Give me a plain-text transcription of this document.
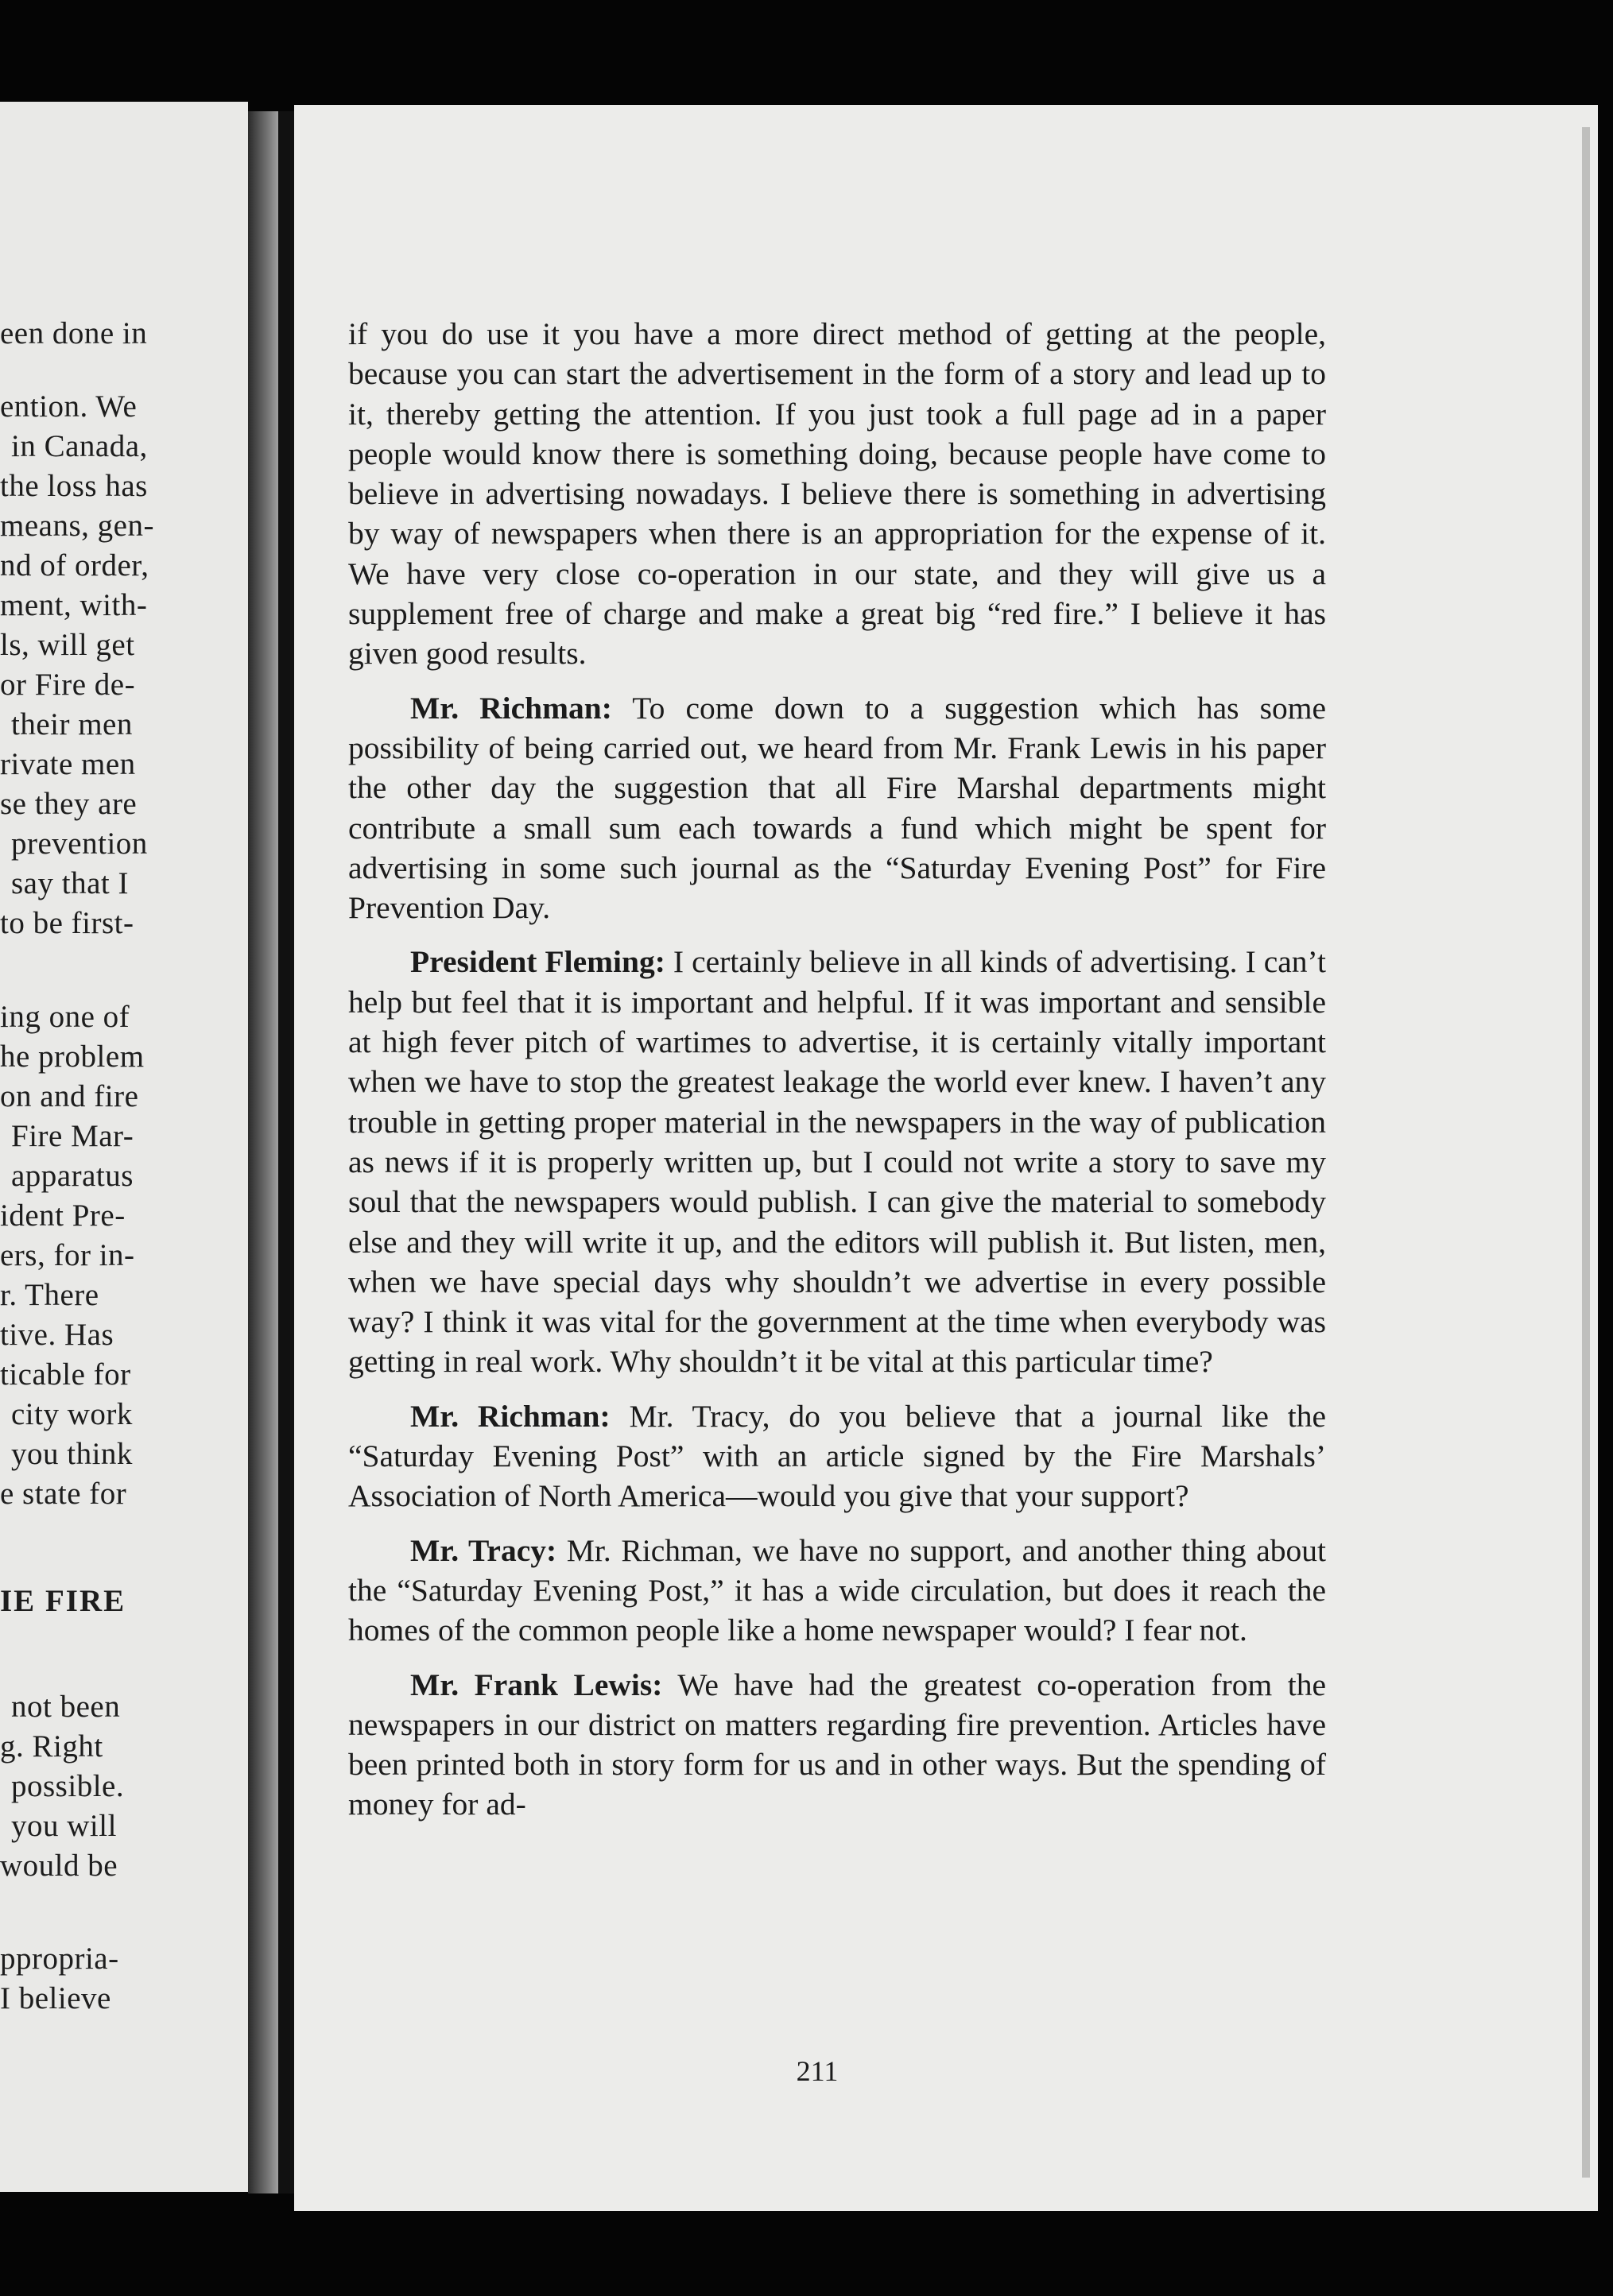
een done in
ention. We
in Canada,
the loss has
means, gen-
nd of order,
ment, with-
ls, will get
or Fire de-
their men
rivate men
se they are
prevention
say that I
to be first-
ing one of
he problem
on and fire
Fire Mar-
apparatus
ident Pre-
ers, for in-
r. There
tive. Has
ticable for
city work
you think
e state for
IE FIRE
not been
g. Right
possible.
you will
would be
ppropria-
I believe

if you do use it you have a more direct method of getting at the people, because you can start the advertisement in the form of a story and lead up to it, thereby getting the attention. If you just took a full page ad in a paper people would know there is something doing, because people have come to believe in advertising nowadays. I believe there is something in advertising by way of newspapers when there is an appropriation for the expense of it. We have very close co-operation in our state, and they will give us a supplement free of charge and make a great big “red fire.” I believe it has given good results.

Mr. Richman: To come down to a suggestion which has some possibility of being carried out, we heard from Mr. Frank Lewis in his paper the other day the suggestion that all Fire Marshal departments might contribute a small sum each towards a fund which might be spent for advertising in some such journal as the “Saturday Evening Post” for Fire Prevention Day.

President Fleming: I certainly believe in all kinds of advertising. I can’t help but feel that it is important and helpful. If it was important and sensible at high fever pitch of wartimes to advertise, it is certainly vitally important when we have to stop the greatest leakage the world ever knew. I haven’t any trouble in getting proper material in the newspapers in the way of publication as news if it is properly written up, but I could not write a story to save my soul that the newspapers would publish. I can give the material to somebody else and they will write it up, and the editors will publish it. But listen, men, when we have special days why shouldn’t we advertise in every possible way? I think it was vital for the government at the time when everybody was getting in real work. Why shouldn’t it be vital at this particular time?

Mr. Richman: Mr. Tracy, do you believe that a journal like the “Saturday Evening Post” with an article signed by the Fire Marshals’ Association of North America—would you give that your support?

Mr. Tracy: Mr. Richman, we have no support, and another thing about the “Saturday Evening Post,” it has a wide circulation, but does it reach the homes of the common people like a home newspaper would? I fear not.

Mr. Frank Lewis: We have had the greatest co-operation from the newspapers in our district on matters regarding fire prevention. Articles have been printed both in story form for us and in other ways. But the spending of money for ad-

211
